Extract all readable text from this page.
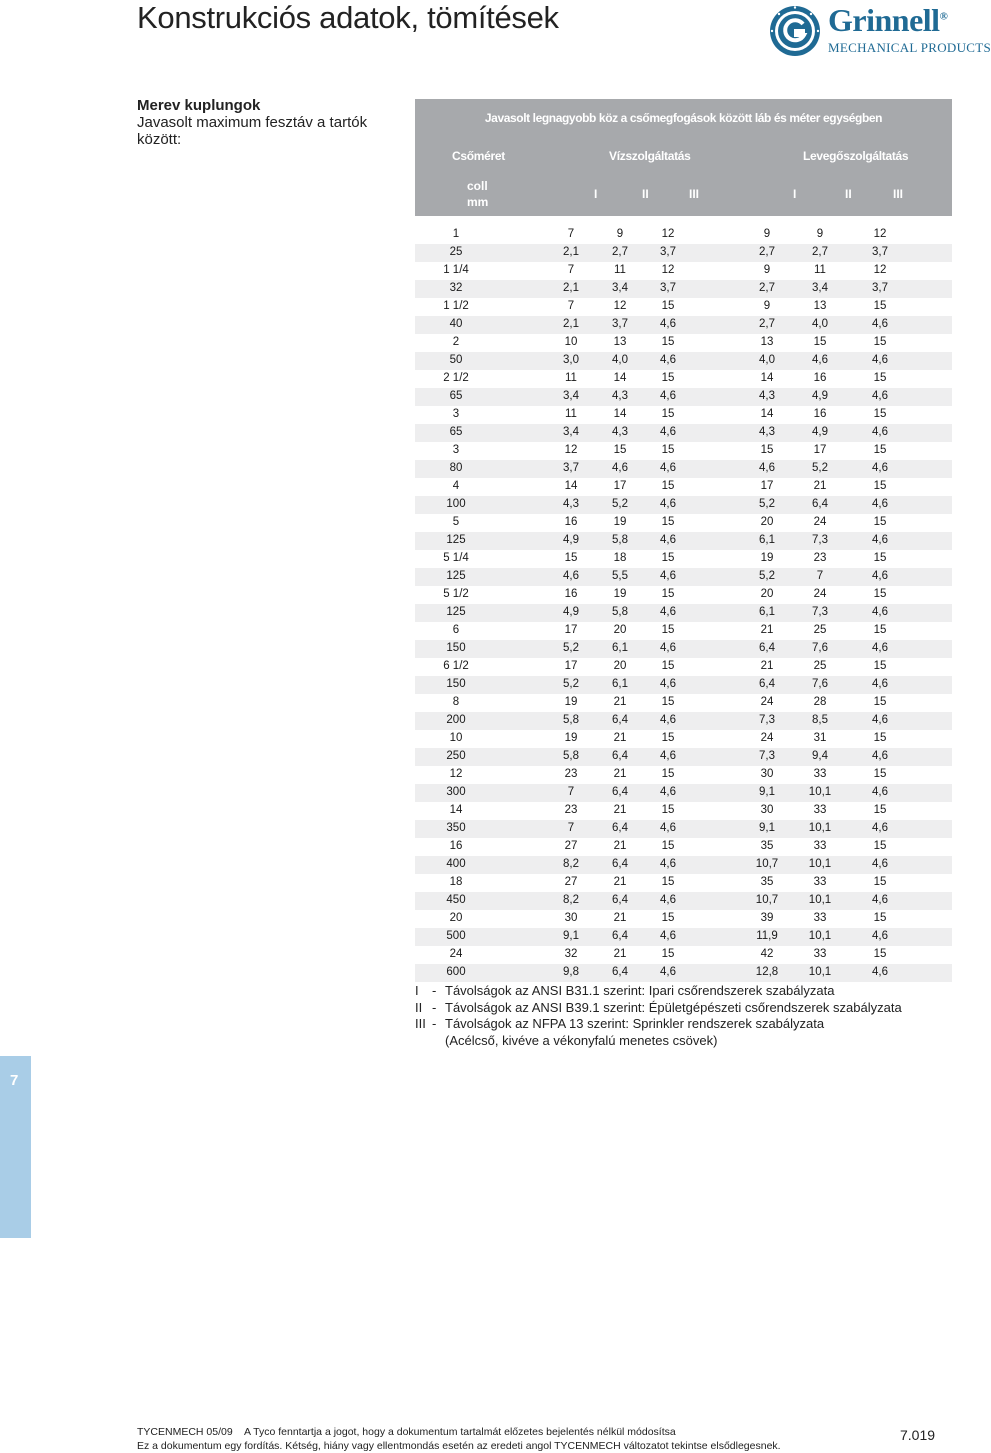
Konstrukciós adatok, tömítések	Grinnell®
MECHANICAL PRODUCTS

Merev kuplungok

Javasolt maximum fesztáv a tartók között:

Javasolt legnagyobb köz a csőmegfogások között láb és méter egységben
Csőméret	Vízszolgáltatás	Levegőszolgáltatás
coll
mm
I	II	III	I	II	III
1	7	9	12	9	9	12
25	2,1	2,7	3,7	2,7	2,7	3,7
1 1/4	7	11	12	9	11	12
32	2,1	3,4	3,7	2,7	3,4	3,7
1 1/2	7	12	15	9	13	15
40	2,1	3,7	4,6	2,7	4,0	4,6
2	10	13	15	13	15	15
50	3,0	4,0	4,6	4,0	4,6	4,6
2 1/2	11	14	15	14	16	15
65	3,4	4,3	4,6	4,3	4,9	4,6
3	11	14	15	14	16	15
65	3,4	4,3	4,6	4,3	4,9	4,6
3	12	15	15	15	17	15
80	3,7	4,6	4,6	4,6	5,2	4,6
4	14	17	15	17	21	15
100	4,3	5,2	4,6	5,2	6,4	4,6
5	16	19	15	20	24	15
125	4,9	5,8	4,6	6,1	7,3	4,6
5 1/4	15	18	15	19	23	15
125	4,6	5,5	4,6	5,2	7	4,6
5 1/2	16	19	15	20	24	15
125	4,9	5,8	4,6	6,1	7,3	4,6
6	17	20	15	21	25	15
150	5,2	6,1	4,6	6,4	7,6	4,6
6 1/2	17	20	15	21	25	15
150	5,2	6,1	4,6	6,4	7,6	4,6
8	19	21	15	24	28	15
200	5,8	6,4	4,6	7,3	8,5	4,6
10	19	21	15	24	31	15
250	5,8	6,4	4,6	7,3	9,4	4,6
12	23	21	15	30	33	15
300	7	6,4	4,6	9,1	10,1	4,6
14	23	21	15	30	33	15
350	7	6,4	4,6	9,1	10,1	4,6
16	27	21	15	35	33	15
400	8,2	6,4	4,6	10,7	10,1	4,6
18	27	21	15	35	33	15
450	8,2	6,4	4,6	10,7	10,1	4,6
20	30	21	15	39	33	15
500	9,1	6,4	4,6	11,9	10,1	4,6
24	32	21	15	42	33	15
600	9,8	6,4	4,6	12,8	10,1	4,6
I - Távolságok az ANSI B31.1 szerint: Ipari csőrendszerek szabályzata
II - Távolságok az ANSI B39.1 szerint: Épületgépészeti csőrendszerek szabályzata
III - Távolságok az NFPA 13 szerint: Sprinkler rendszerek szabályzata
(Acélcső, kivéve a vékonyfalú menetes csövek)
7
TYCENMECH 05/09 A Tyco fenntartja a jogot, hogy a dokumentum tartalmát előzetes bejelentés nélkül módosítsa
Ez a dokumentum egy fordítás. Kétség, hiány vagy ellentmondás esetén az eredeti angol TYCENMECH változatot tekintse elsődlegesnek.
7.019
